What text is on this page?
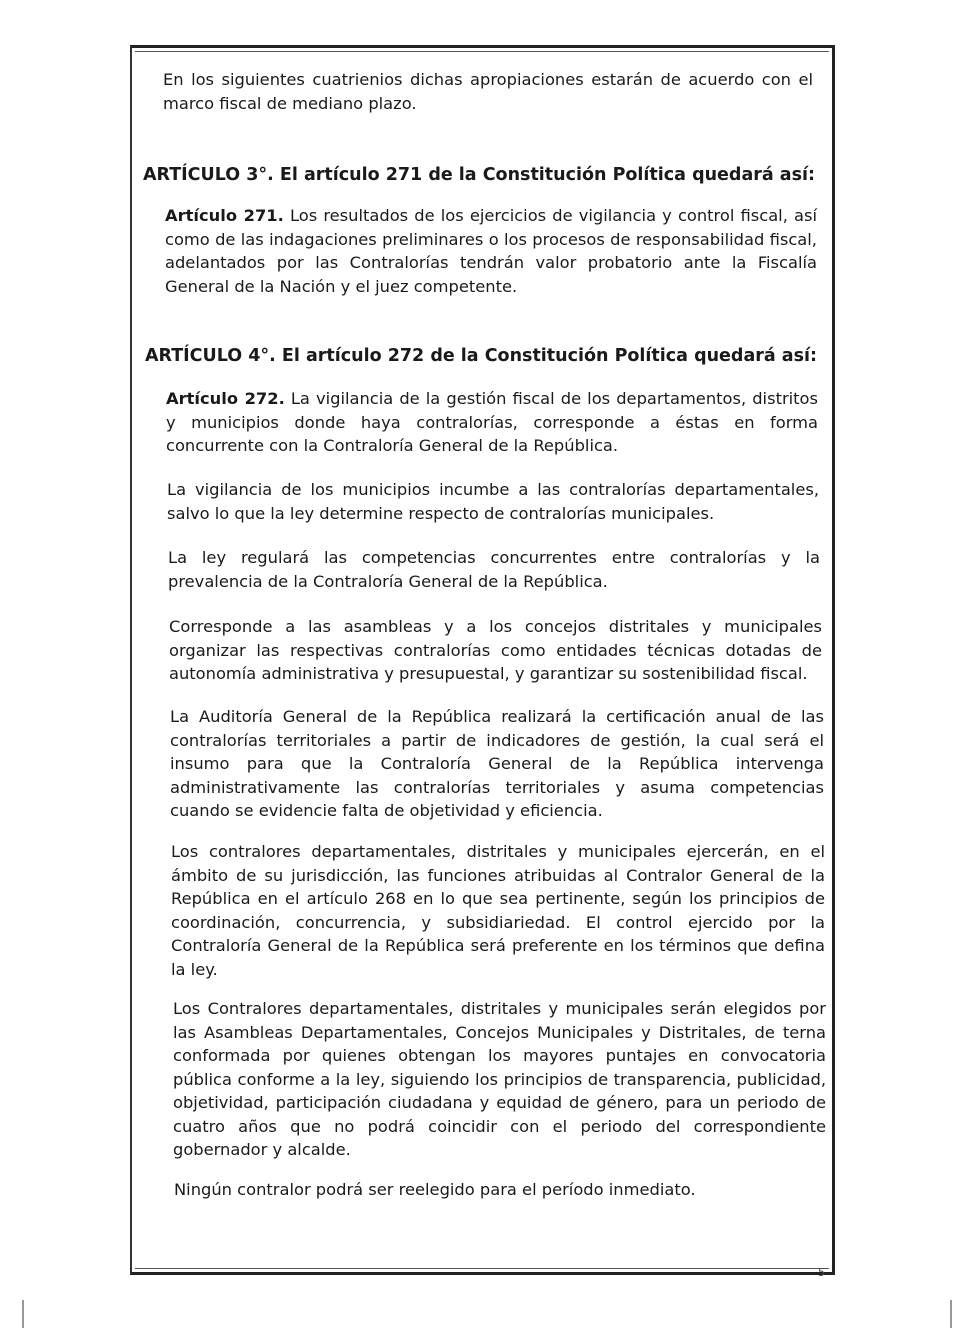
En los siguientes cuatrienios dichas apropiaciones estarán de acuerdo con el marco fiscal de mediano plazo.

ARTÍCULO 3°. El artículo 271 de la Constitución Política quedará así:

Artículo 271. Los resultados de los ejercicios de vigilancia y control fiscal, así como de las indagaciones preliminares o los procesos de responsabilidad fiscal, adelantados por las Contralorías tendrán valor probatorio ante la Fiscalía General de la Nación y el juez competente.

ARTÍCULO 4°. El artículo 272 de la Constitución Política quedará así:

Artículo 272. La vigilancia de la gestión fiscal de los departamentos, distritos y municipios donde haya contralorías, corresponde a éstas en forma concurrente con la Contraloría General de la República.

La vigilancia de los municipios incumbe a las contralorías departamentales, salvo lo que la ley determine respecto de contralorías municipales.

La ley regulará las competencias concurrentes entre contralorías y la prevalencia de la Contraloría General de la República.

Corresponde a las asambleas y a los concejos distritales y municipales organizar las respectivas contralorías como entidades técnicas dotadas de autonomía administrativa y presupuestal, y garantizar su sostenibilidad fiscal.

La Auditoría General de la República realizará la certificación anual de las contralorías territoriales a partir de indicadores de gestión, la cual será el insumo para que la Contraloría General de la República intervenga administrativamente las contralorías territoriales y asuma competencias cuando se evidencie falta de objetividad y eficiencia.

Los contralores departamentales, distritales y municipales ejercerán, en el ámbito de su jurisdicción, las funciones atribuidas al Contralor General de la República en el artículo 268 en lo que sea pertinente, según los principios de coordinación, concurrencia, y subsidiariedad. El control ejercido por la Contraloría General de la República será preferente en los términos que defina la ley.

Los Contralores departamentales, distritales y municipales serán elegidos por las Asambleas Departamentales, Concejos Municipales y Distritales, de terna conformada por quienes obtengan los mayores puntajes en convocatoria pública conforme a la ley, siguiendo los principios de transparencia, publicidad, objetividad, participación ciudadana y equidad de género, para un periodo de cuatro años que no podrá coincidir con el periodo del correspondiente gobernador y alcalde.

Ningún contralor podrá ser reelegido para el período inmediato.

5
